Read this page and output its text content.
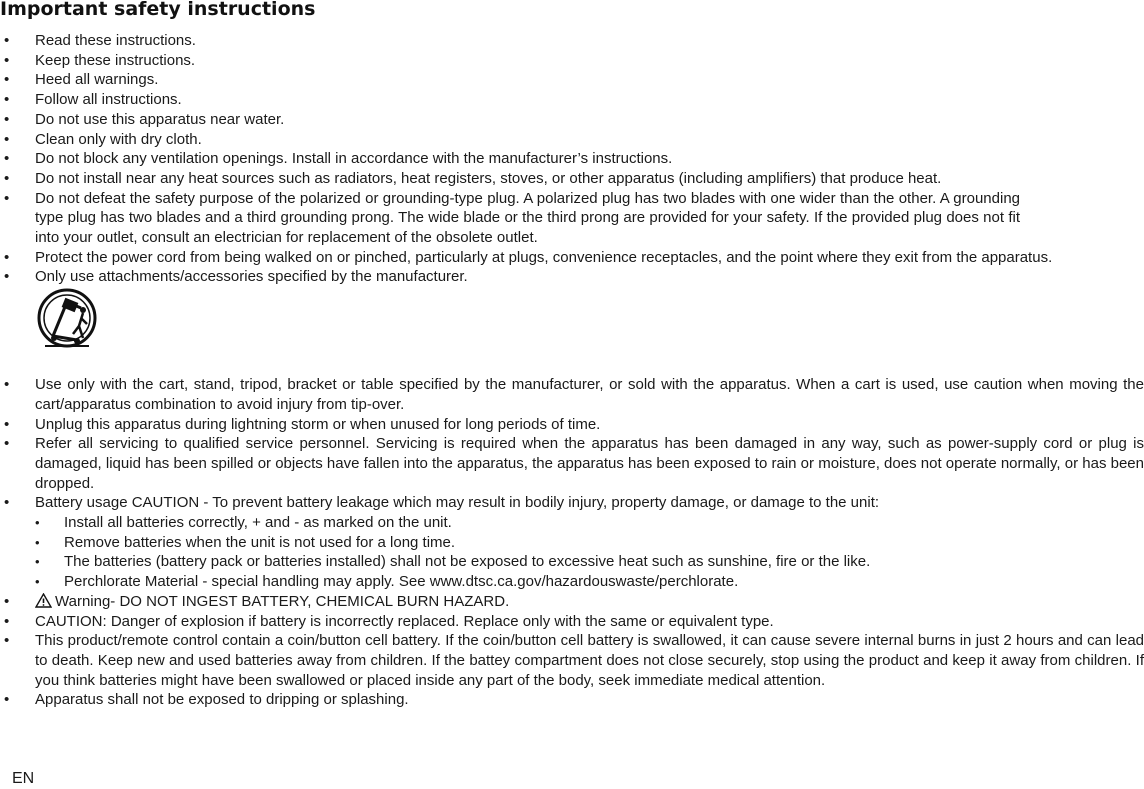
Important safety instructions
• Read these instructions.
• Keep these instructions.
• Heed all warnings.
• Follow all instructions.
• Do not use this apparatus near water.
• Clean only with dry cloth.
• Do not block any ventilation openings. Install in accordance with the manufacturer’s instructions.
• Do not install near any heat sources such as radiators, heat registers, stoves, or other apparatus (including amplifiers) that produce heat.
• Do not defeat the safety purpose of the polarized or grounding-type plug. A polarized plug has two blades with one wider than the other. A grounding type plug has two blades and a third grounding prong. The wide blade or the third prong are provided for your safety. If the provided plug does not fit into your outlet, consult an electrician for replacement of the obsolete outlet.
• Protect the power cord from being walked on or pinched, particularly at plugs, convenience receptacles, and the point where they exit from the apparatus.
• Only use attachments/accessories specified by the manufacturer.
• Use only with the cart, stand, tripod, bracket or table specified by the manufacturer, or sold with the apparatus. When a cart is used, use caution when moving the cart/apparatus combination to avoid injury from tip-over.
• Unplug this apparatus during lightning storm or when unused for long periods of time.
• Refer all servicing to qualified service personnel. Servicing is required when the apparatus has been damaged in any way, such as power-supply cord or plug is damaged, liquid has been spilled or objects have fallen into the apparatus, the apparatus has been exposed to rain or moisture, does not operate normally, or has been dropped.
• Battery usage CAUTION - To prevent battery leakage which may result in bodily injury, property damage, or damage to the unit:
• Install all batteries correctly, + and - as marked on the unit.
• Remove batteries when the unit is not used for a long time.
• The batteries (battery pack or batteries installed) shall not be exposed to excessive heat such as sunshine, fire or the like.
• Perchlorate Material - special handling may apply. See www.dtsc.ca.gov/hazardouswaste/perchlorate.
•	Warning- DO NOT INGEST BATTERY, CHEMICAL BURN HAZARD.
• CAUTION: Danger of explosion if battery is incorrectly replaced. Replace only with the same or equivalent type.
• This product/remote control contain a coin/button cell battery. If the coin/button cell battery is swallowed, it can cause severe internal burns in just 2 hours and can lead to death. Keep new and used batteries away from children. If the battey compartment does not close securely, stop using the product and keep it away from children. If you think batteries might have been swallowed or placed inside any part of the body, seek immediate medical attention.
• Apparatus shall not be exposed to dripping or splashing.
EN
